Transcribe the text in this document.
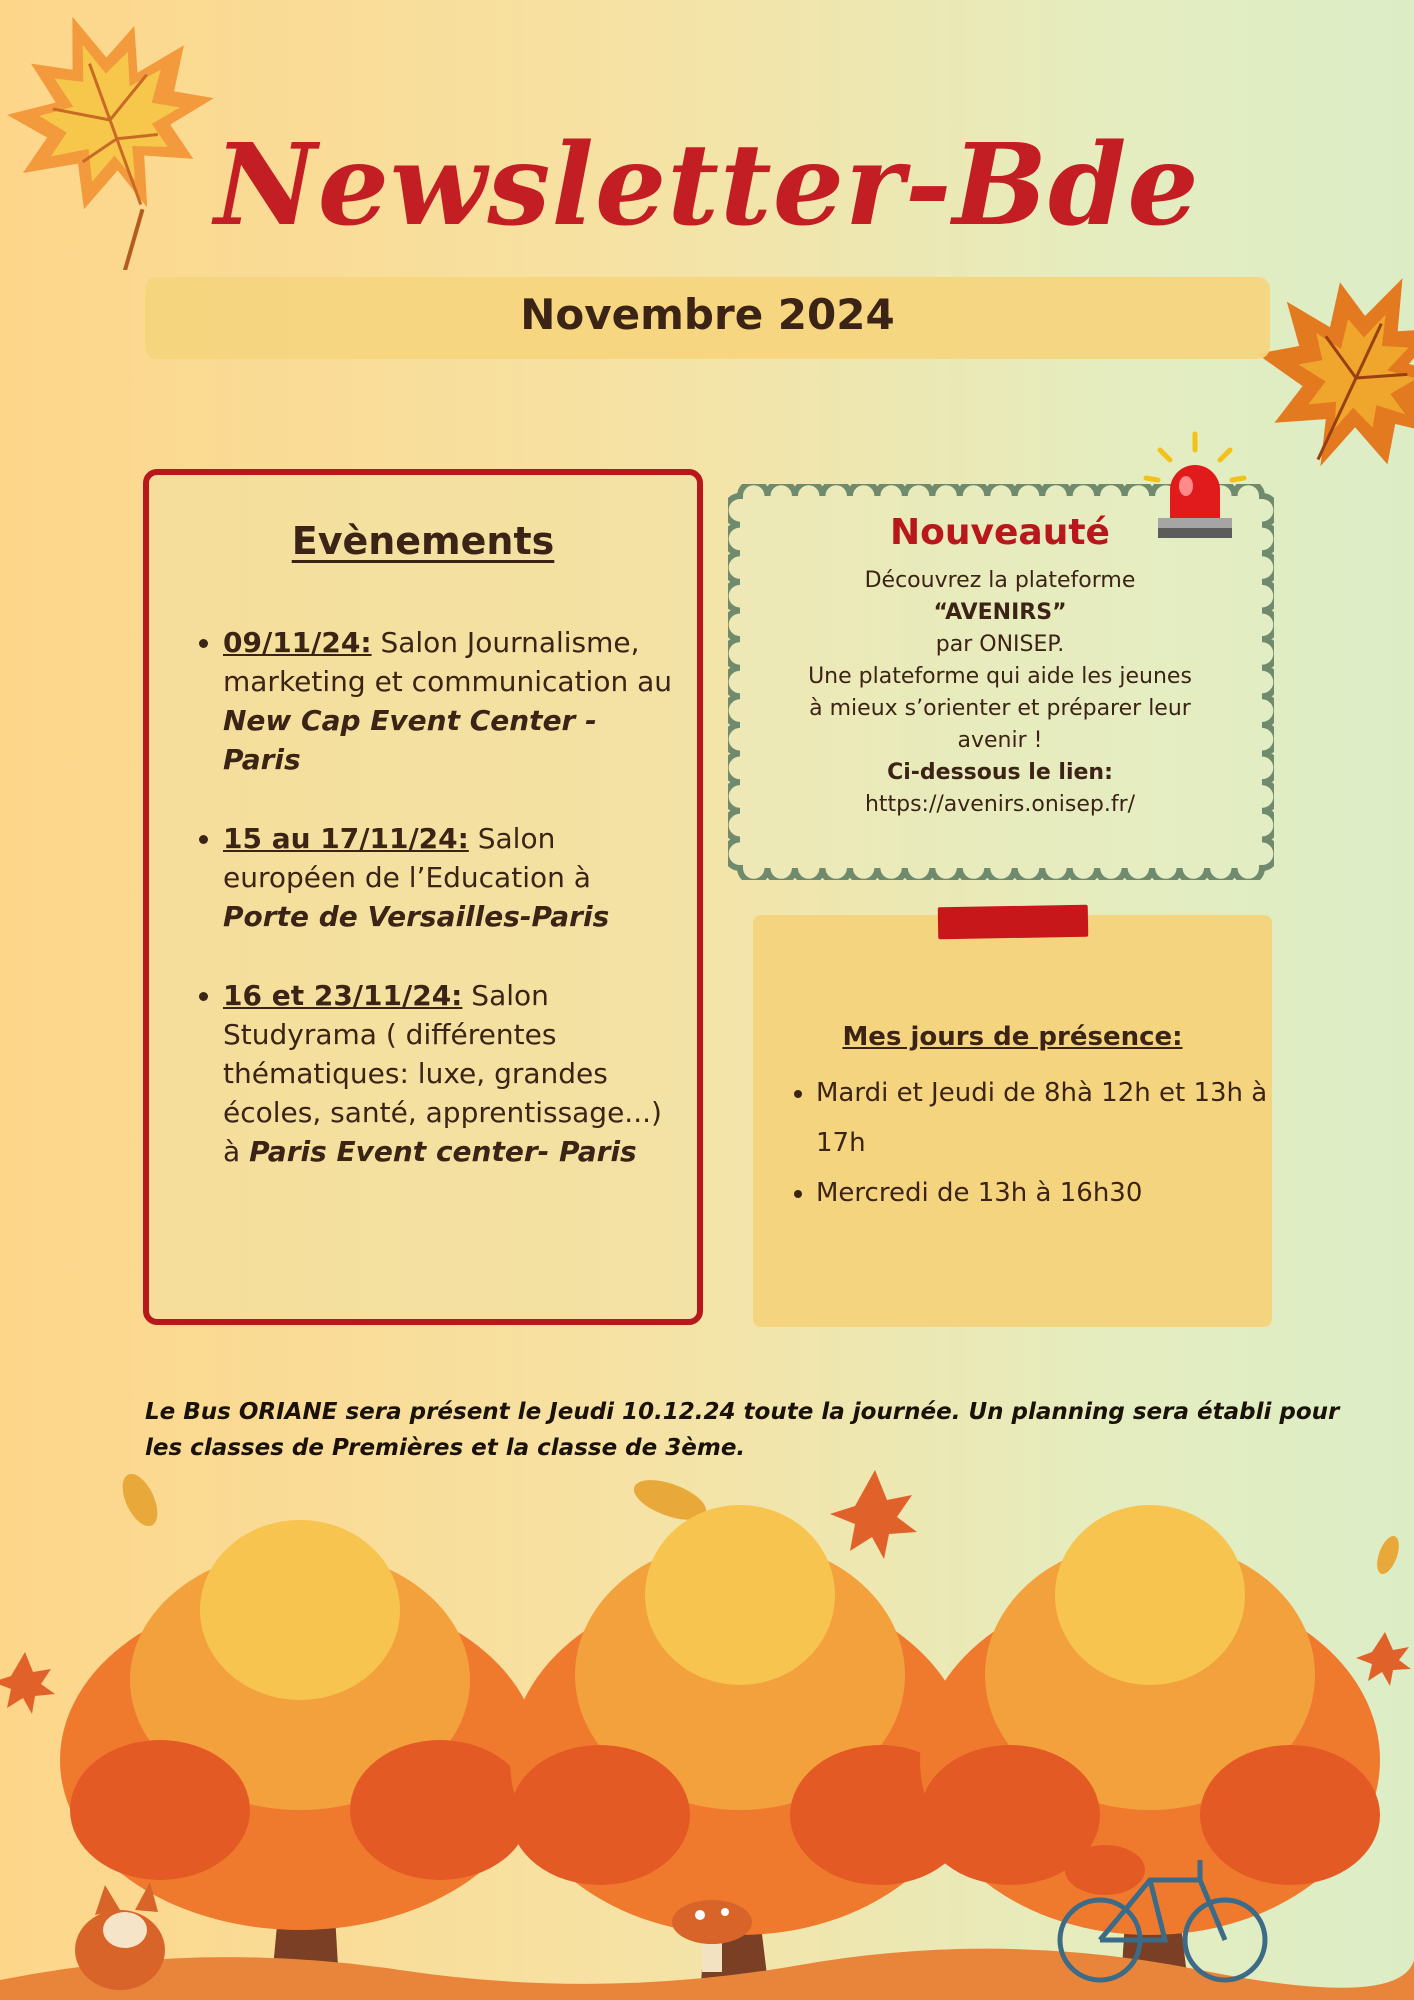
Newsletter-Bde
Novembre 2024
Evènements
• 09/11/24: Salon Journalisme, marketing et communication au New Cap Event Center - Paris
• 15 au 17/11/24: Salon européen de l’Education à Porte de Versailles-Paris
• 16 et 23/11/24: Salon Studyrama ( différentes thématiques: luxe, grandes écoles, santé, apprentissage...) à Paris Event center- Paris
Nouveauté
Découvrez la plateforme
“AVENIRS”
par ONISEP.
Une plateforme qui aide les jeunes
à mieux s’orienter et préparer leur
avenir !
Ci-dessous le lien:
https://avenirs.onisep.fr/
Mes jours de présence:
• Mardi et Jeudi de 8hà 12h et 13h à 17h
• Mercredi de 13h à 16h30
Le Bus ORIANE sera présent le Jeudi 10.12.24 toute la journée. Un planning sera établi pour les classes de Premières et la classe de 3ème.
